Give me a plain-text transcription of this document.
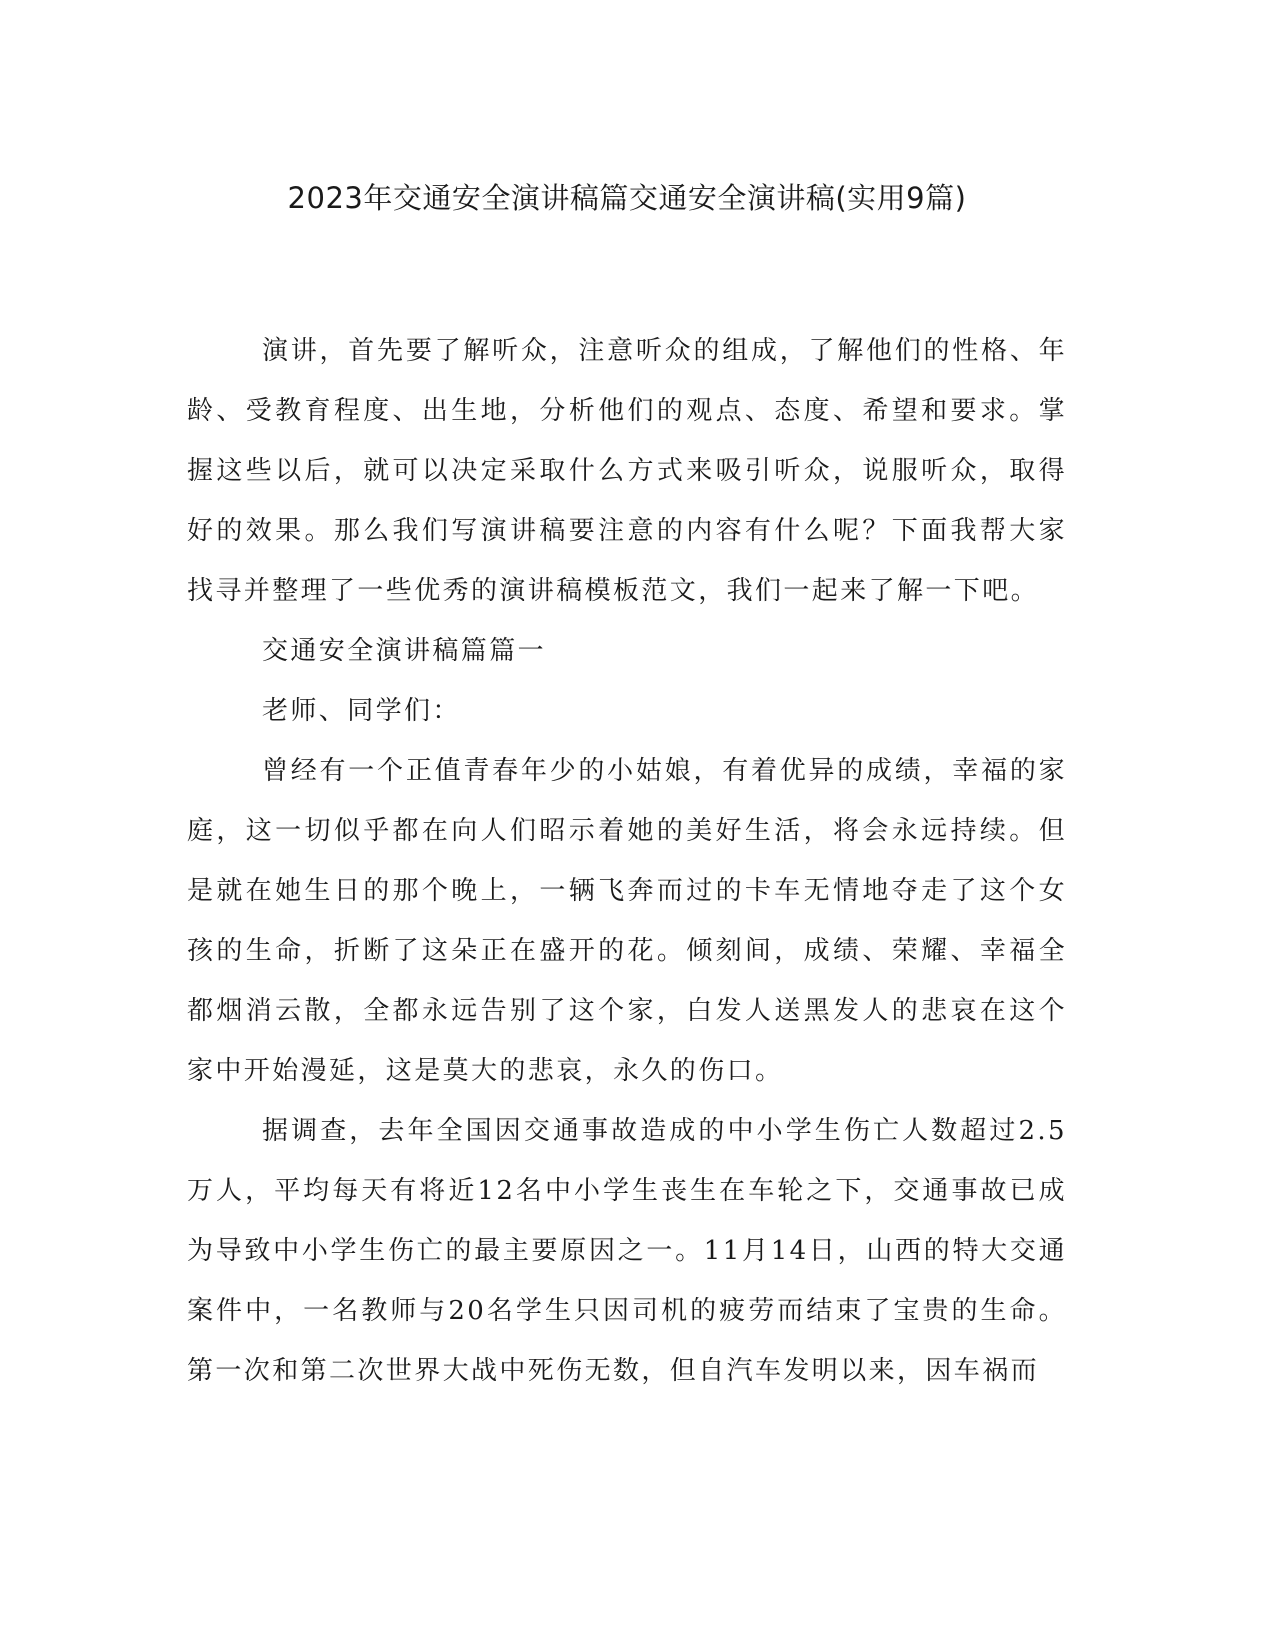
2023年交通安全演讲稿篇交通安全演讲稿(实用9篇)

演讲，首先要了解听众，注意听众的组成，了解他们的性格、年龄、受教育程度、出生地，分析他们的观点、态度、希望和要求。掌握这些以后，就可以决定采取什么方式来吸引听众，说服听众，取得好的效果。那么我们写演讲稿要注意的内容有什么呢？下面我帮大家找寻并整理了一些优秀的演讲稿模板范文，我们一起来了解一下吧。

交通安全演讲稿篇篇一

老师、同学们：

曾经有一个正值青春年少的小姑娘，有着优异的成绩，幸福的家庭，这一切似乎都在向人们昭示着她的美好生活，将会永远持续。但是就在她生日的那个晚上，一辆飞奔而过的卡车无情地夺走了这个女孩的生命，折断了这朵正在盛开的花。倾刻间，成绩、荣耀、幸福全都烟消云散，全都永远告别了这个家，白发人送黑发人的悲哀在这个家中开始漫延，这是莫大的悲哀，永久的伤口。

据调查，去年全国因交通事故造成的中小学生伤亡人数超过2.5万人，平均每天有将近12名中小学生丧生在车轮之下，交通事故已成为导致中小学生伤亡的最主要原因之一。11月14日，山西的特大交通案件中，一名教师与20名学生只因司机的疲劳而结束了宝贵的生命。第一次和第二次世界大战中死伤无数，但自汽车发明以来，因车祸而
